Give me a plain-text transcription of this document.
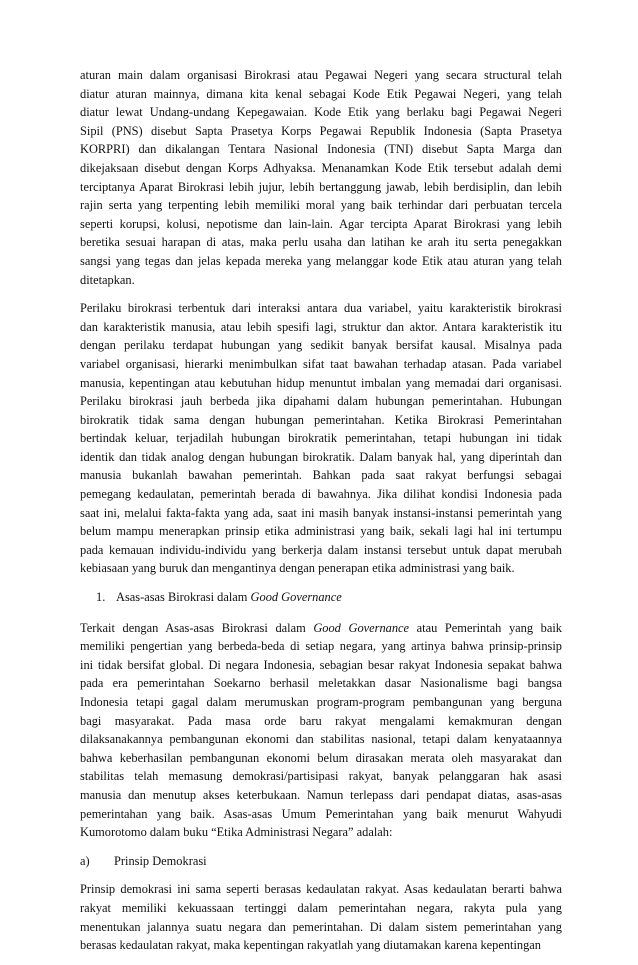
aturan main dalam organisasi Birokrasi atau Pegawai Negeri yang secara structural telah
diatur aturan mainnya, dimana kita kenal sebagai Kode Etik Pegawai Negeri, yang telah
diatur lewat Undang-undang Kepegawaian. Kode Etik yang berlaku bagi Pegawai Negeri
Sipil (PNS) disebut Sapta Prasetya Korps Pegawai Republik Indonesia (Sapta Prasetya
KORPRI) dan dikalangan Tentara Nasional Indonesia (TNI) disebut Sapta Marga dan
dikejaksaan disebut dengan Korps Adhyaksa. Menanamkan Kode Etik tersebut adalah demi
terciptanya Aparat Birokrasi lebih jujur, lebih bertanggung jawab, lebih berdisiplin, dan lebih
rajin serta yang terpenting lebih memiliki moral yang baik terhindar dari perbuatan tercela
seperti korupsi, kolusi, nepotisme dan lain-lain. Agar tercipta Aparat Birokrasi yang lebih
beretika sesuai harapan di atas, maka perlu usaha dan latihan ke arah itu serta penegakkan
sangsi yang tegas dan jelas kepada mereka yang melanggar kode Etik atau aturan yang telah
ditetapkan.
Perilaku birokrasi terbentuk dari interaksi antara dua variabel, yaitu karakteristik birokrasi
dan karakteristik manusia, atau lebih spesifi lagi, struktur dan aktor. Antara karakteristik itu
dengan perilaku terdapat hubungan yang sedikit banyak bersifat kausal. Misalnya pada
variabel organisasi, hierarki menimbulkan sifat taat bawahan terhadap atasan. Pada variabel
manusia, kepentingan atau kebutuhan hidup menuntut imbalan yang memadai dari organisasi.
Perilaku birokrasi jauh berbeda jika dipahami dalam hubungan pemerintahan. Hubungan
birokratik tidak sama dengan hubungan pemerintahan. Ketika Birokrasi Pemerintahan
bertindak keluar, terjadilah hubungan birokratik pemerintahan, tetapi hubungan ini tidak
identik dan tidak analog dengan hubungan birokratik. Dalam banyak hal, yang diperintah dan
manusia bukanlah bawahan pemerintah. Bahkan pada saat rakyat berfungsi sebagai
pemegang kedaulatan, pemerintah berada di bawahnya. Jika dilihat kondisi Indonesia pada
saat ini, melalui fakta-fakta yang ada, saat ini masih banyak instansi-instansi pemerintah yang
belum mampu menerapkan prinsip etika administrasi yang baik, sekali lagi hal ini tertumpu
pada kemauan individu-individu yang berkerja dalam instansi tersebut untuk dapat merubah
kebiasaan yang buruk dan mengantinya dengan penerapan etika administrasi yang baik.
1. Asas-asas Birokrasi dalam Good Governance
Terkait dengan Asas-asas Birokrasi dalam Good Governance atau Pemerintah yang baik
memiliki pengertian yang berbeda-beda di setiap negara, yang artinya bahwa prinsip-prinsip
ini tidak bersifat global. Di negara Indonesia, sebagian besar rakyat Indonesia sepakat bahwa
pada era pemerintahan Soekarno berhasil meletakkan dasar Nasionalisme bagi bangsa
Indonesia tetapi gagal dalam merumuskan program-program pembangunan yang berguna
bagi masyarakat. Pada masa orde baru rakyat mengalami kemakmuran dengan
dilaksanakannya pembangunan ekonomi dan stabilitas nasional, tetapi dalam kenyataannya
bahwa keberhasilan pembangunan ekonomi belum dirasakan merata oleh masyarakat dan
stabilitas telah memasung demokrasi/partisipasi rakyat, banyak pelanggaran hak asasi
manusia dan menutup akses keterbukaan. Namun terlepass dari pendapat diatas, asas-asas
pemerintahan yang baik. Asas-asas Umum Pemerintahan yang baik menurut Wahyudi
Kumorotomo dalam buku “Etika Administrasi Negara” adalah:
a) Prinsip Demokrasi
Prinsip demokrasi ini sama seperti berasas kedaulatan rakyat. Asas kedaulatan berarti bahwa
rakyat memiliki kekuassaan tertinggi dalam pemerintahan negara, rakyta pula yang
menentukan jalannya suatu negara dan pemerintahan. Di dalam sistem pemerintahan yang
berasas kedaulatan rakyat, maka kepentingan rakyatlah yang diutamakan karena kepentingan
